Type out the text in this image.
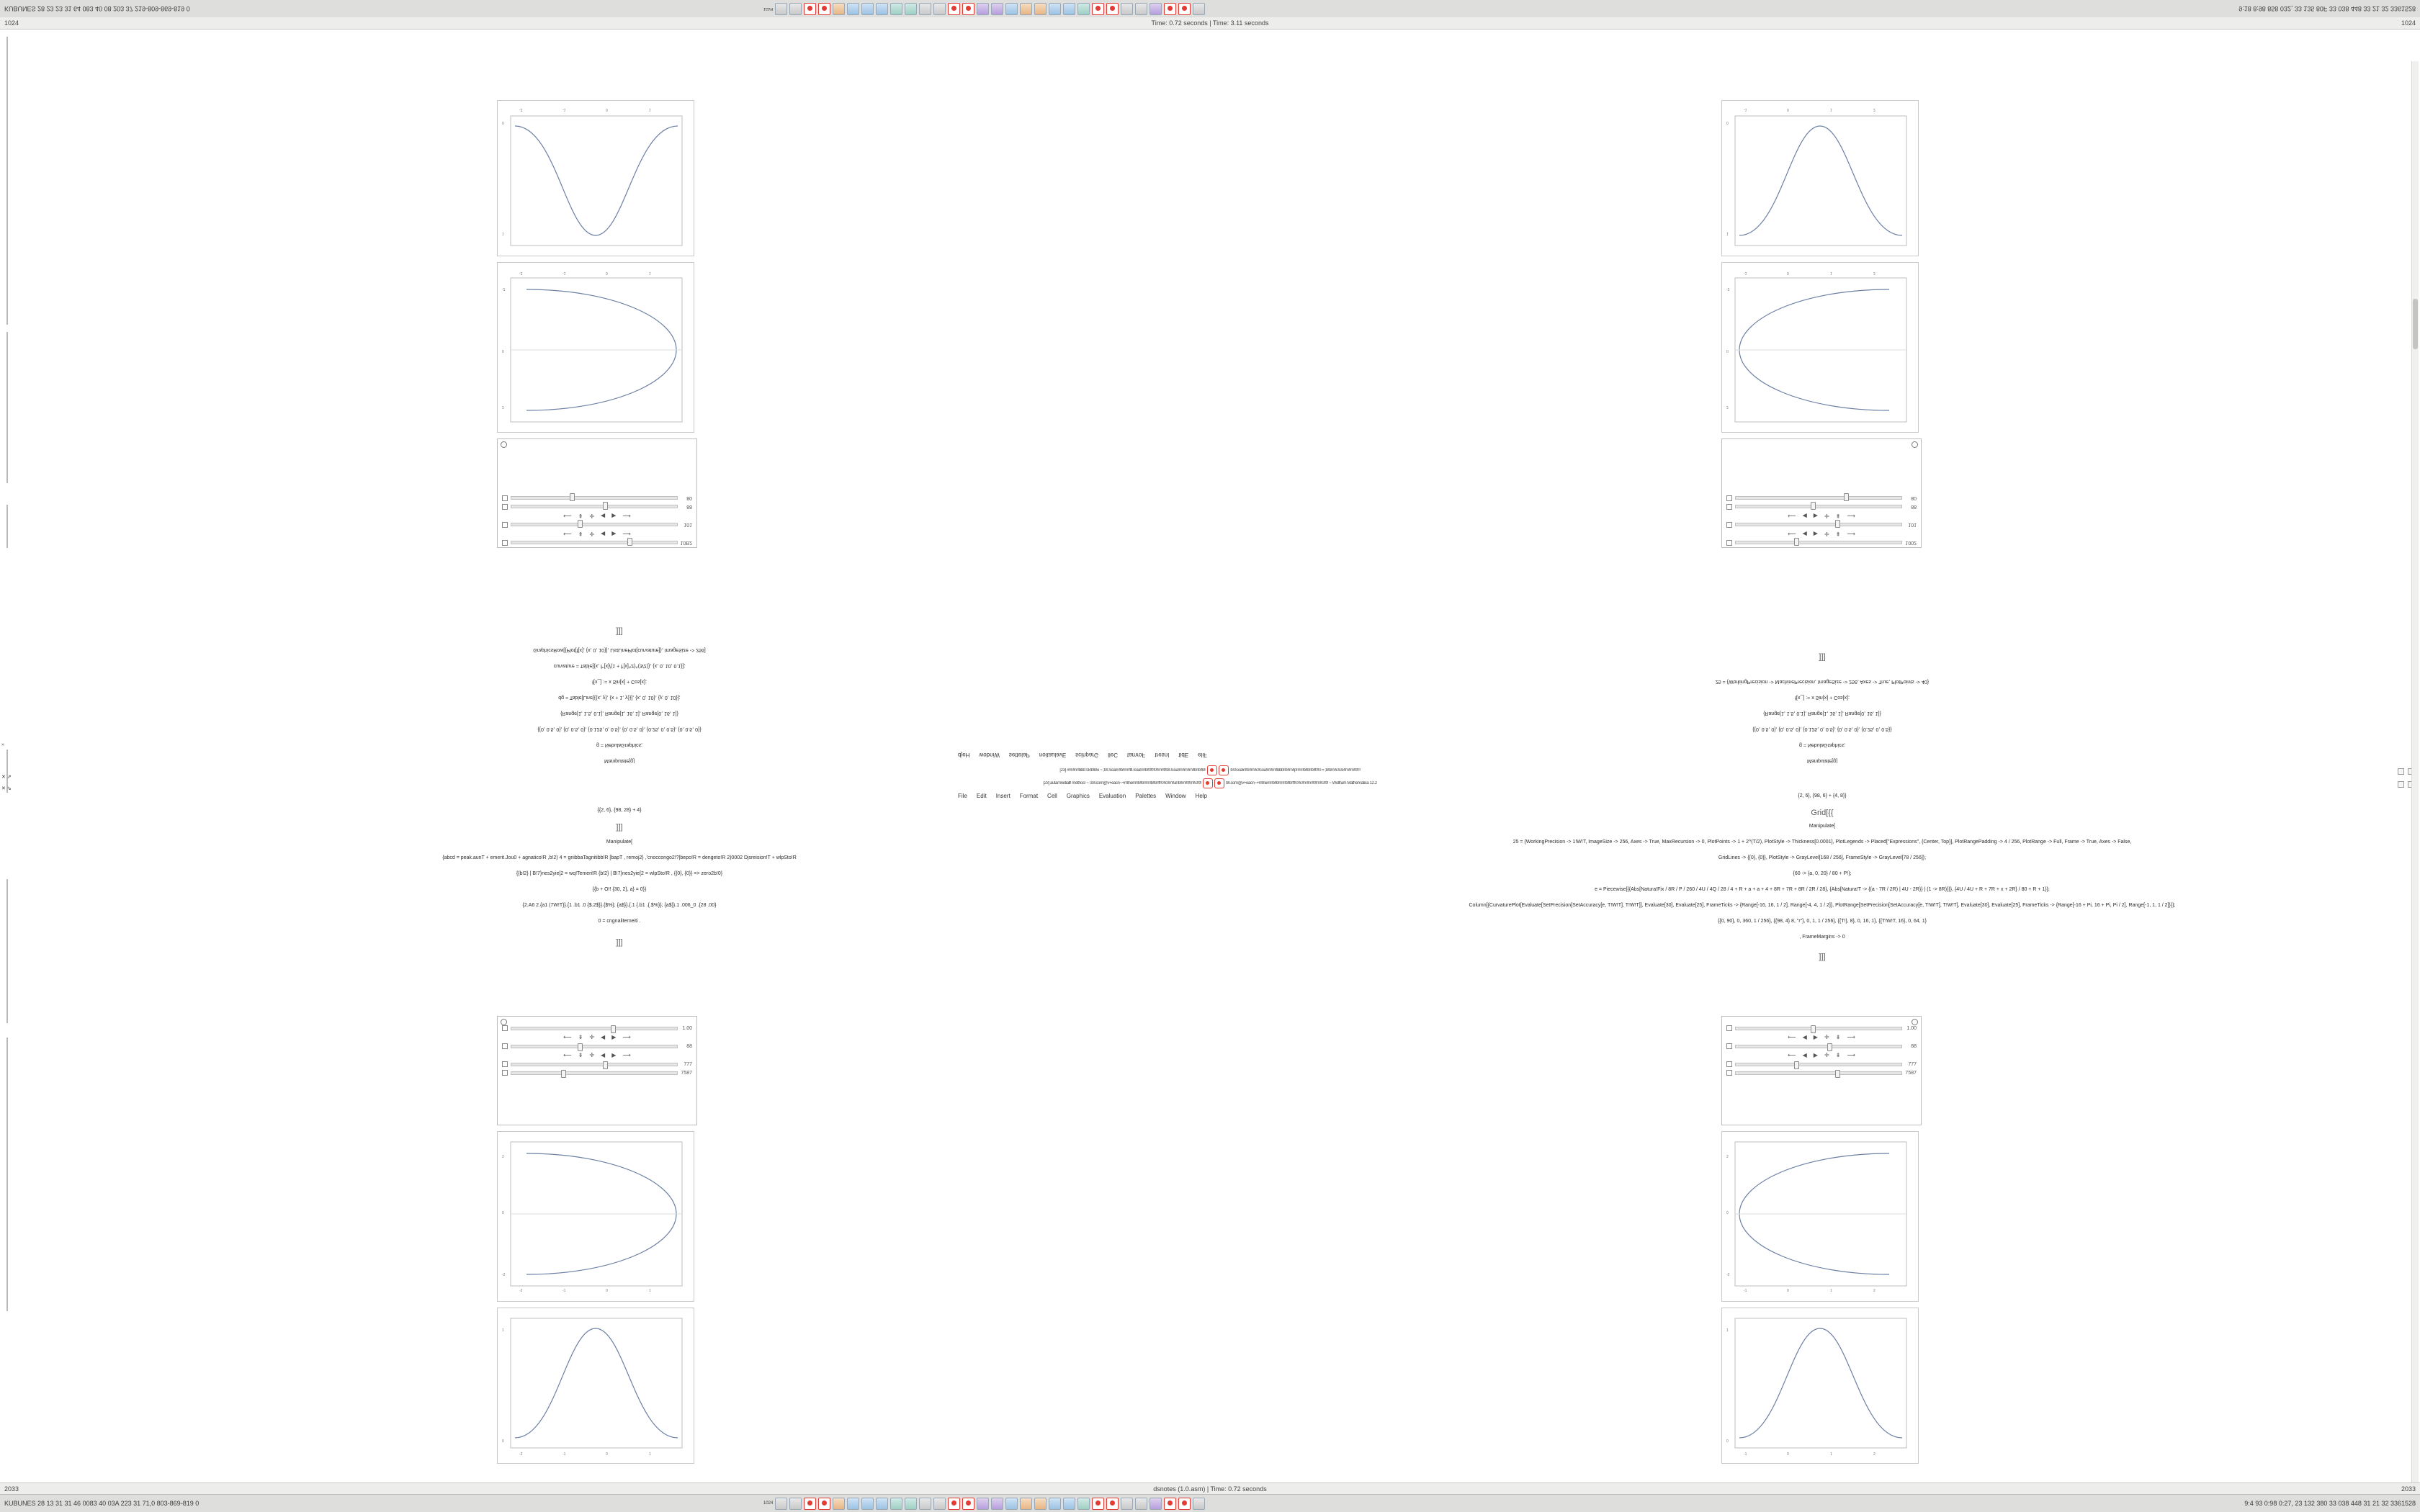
KUBUNES 28 23 23 31 64 083 40 08 203 37 219-809-869-819 0	1024	9:18 8:98 858 032, 33 135 80F 33 038 448 33 21 32 3361528
1024	Time: 0.72 seconds | Time: 3.11 seconds	1024
»
✕ ⇗
✕ ⇘
10B2
⟵ ⇟ ✛ ◀ ▶ ⟶
101
⟵ ⇟ ✛ ◀ ▶ ⟶
88
80
-2	-1	0	1
2
0
-2
-2	-1	0	1
1
0
Manipulate[g]
g = NebulaGraphics;
{{0, 0.5, 0}, {0, 0.5, 0}, {0.125, 0, 0.5}, {0, 0.5, 0}, {0.25, 0, 0.5}, {0, 0.5, 0}}
{Range[1, 1.5, 0.1], Range[1, 16, 1], Range[0, 16, 1]}
dg = Table[Line[{{x, y}, {x + 1, y}}], {x, 0, 10}, {y, 0, 10}];
f[x_] := x Sin[x] + Cos[x];
curvature = Table[{x, f''[x]/(1 + f'[x]^2)^(3/2)}, {x, 0, 10, 0.1}];
GraphicsRow[{Plot[f[x], {x, 0, 10}], ListLinePlot[curvature]}, ImageSize -> 256]
]]]
1002
⟵ ◀ ▶ ✛ ⇟ ⟶
101
⟵ ◀ ▶ ✛ ⇟ ⟶
88
80
-1	0	1	2
2
0
-2
-1	0	1	2
1
0
Manipulate[g]
g = NebulaGraphics;
{{0, 0.5, 0}, {0, 0.5, 0}, {0.125, 0, 0.5}, {0, 0.5, 0}, {0.25, 0, 0.5}}
{Range[1, 1.5, 0.1], Range[1, 16, 1], Range[0, 16, 1]}
f[x_] := x Sin[x] + Cos[x];
25 = {WorkingPrecision -> MachinePrecision, ImageSize -> 256, Axes -> True, PlotPoints -> 40}
]]]
djeH wobniW settelaP noitaulavE scihparG lleC tamroF tresnI tidE eliF
File Edit Insert Format Cell Graphics Evaluation Palettes Window Help
[23] #!!n!!n!!bbb:'ck!b!b!e ~ ;b!l.!coa!n!!b!!m!!t!l.!coa!n!!b!!t!!t!!0!!m!!t!!b!l.!coa!m!!m!!m!!b!!b!!b!!	b!l.!coa!n!!b!!m!!c!!coa!m!!m!!bbb!!b!!m!!p!!m!!b!!b!!b!!t!!!0 = ;b!b!n!!c!s!e!!m!!m!!t!!!!
[23] autamnetiatl! methos! ~ !.b!l.com@v+eacn~+mfnem!!b!!b!!m!!b!!b!!f!!0!!c!!m!!a!!b!!m!!t!!m!!c!!t!!	b!l.com@v+eacn~+mfnem!!b!!b!!m!!b!!b!!f!!0!!c!!m!!m!!t!!m!!c!!t!! ~ Wolfram Mathematica 12.2
{{2, 6}, {98, 28} + 4}
]]]
Manipulate[
{abcd = peak.aunT + emerit.Jou0 + agnatico!R ,b!2) 4 = gnibbaTagnitibb!R [bapT , remoj2} ,'cnoccongo2!?|bepo!R = dengeto!R 2)0002 Djsreision!T + wlpSto!R
{{b!2} | B!7}nes2yie[2 = wq!Temeri!R {b!2} | B!7}nes2yie[2 = wlpSto!R , {{0}, {0}} => zero2b!0}
{{b + O!! {30, 2}, a} = 0}}
{2.A6 2.{a1 (7W!T}}.{1 .b1 .0 {$.2$}}.{$%}; {a$}}.{.1 {.b1 .{.$%}}; {a$}}.1 .006_0 .{28 .00}
0 = cngnaliterneiti .
]]]
{2, 6}, {98, 6} + {4, 8}}
Grid[{{
Manipulate[
25 = {WorkingPrecision -> 1!W!T, ImageSize -> 256, Axes -> True, MaxRecursion -> 0, PlotPoints -> 1 + 2^(T/2), PlotStyle -> Thickness[0.0001], PlotLegends -> Placed["Expressions", {Center, Top}], PlotRangePadding -> 4 / 256, PlotRange -> Full, Frame -> True, Axes -> False,
GridLines -> {{0}, {0}}, PlotStyle -> GrayLevel[168 / 256], FrameStyle -> GrayLevel[78 / 256]};
{60 -> {a, 0, 20} / 80 + P!};
e = Piecewise[{{Abs[Natura!Fix / 8R / P / 260 / 4U / 4Q / 28 / 4 + R + a + a + 4 + 8R + 7R + 8R / 2R / 28}, {Abs[Natura!T -> {(a - 7R / 2R) | 4U - 2R}} | (1 -> 8R)}}}, {4U / 4U + R + 7R + x + 2R} / 80 + R + 1}};
Column[{CurvaturePlot[Evaluate[SetPrecision[SetAccuracy[e, T!W!T], T!W!T]], Evaluate[30], Evaluate[25], FrameTicks -> {Range[-16, 16, 1 / 2], Range[-4, 4, 1 / 2]}, PlotRange[SetPrecision[SetAccuracy[e, T!W!T], T!W!T], Evaluate[30], Evaluate[25], FrameTicks -> {Range[-16 + Pi, 16 + Pi, Pi / 2], Range[-1, 1, 1 / 2]}}};
{{0, 90}, 0, 360, 1 / 256}, {{98, 4} 8, "r"}, 0, 1, 1 / 256}, {{T!}, 8}, 0, 16, 1}, {{T!W!T, 16}, 0, 64, 1}
, FrameMargins -> 0
]]]
1.00
⟵ ⇟ ✛ ◀ ▶ ⟶
88
⟵ ⇟ ✛ ◀ ▶ ⟶
777
7587
-2	-1	0	1
2
0
-2
-2	-1	0	1
1
0
1.00
⟵ ◀ ▶ ✛ ⇟ ⟶
88
⟵ ◀ ▶ ✛ ⇟ ⟶
777
7587
-1	0	1	2
2
0
-2
-1	0	1	2
1
0
2033	dsnotes (1.0.asm) | Time: 0.72 seconds	2033
KUBUNES 28 13 31 31 46 0083 40 03A 223 31 71,0 803-869-819 0	1024	9:4 93 0:98 0:27, 23 132 380 33 038 448 31 21 32 3361528
